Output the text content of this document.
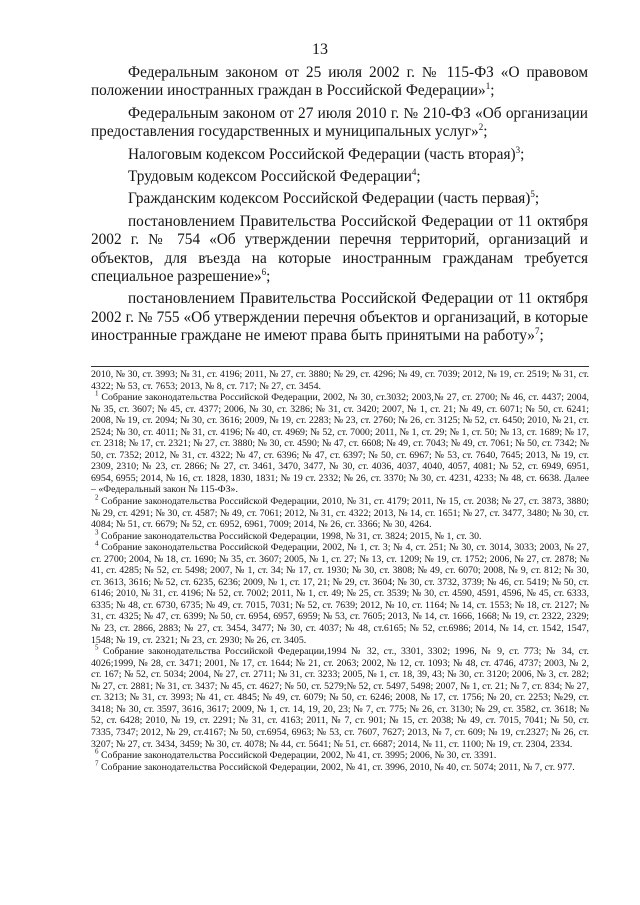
13

Федеральным законом от 25 июля 2002 г. № 115-ФЗ «О правовом положении иностранных граждан в Российской Федерации»$^1$;

Федеральным законом от 27 июля 2010 г. № 210-ФЗ «Об организации предоставления государственных и муниципальных услуг»$^2$;

Налоговым кодексом Российской Федерации (часть вторая)$^3$;

Трудовым кодексом Российской Федерации$^4$;

Гражданским кодексом Российской Федерации (часть первая)$^5$;

постановлением Правительства Российской Федерации от 11 октября 2002 г. № 754 «Об утверждении перечня территорий, организаций и объектов, для въезда на которые иностранным гражданам требуется специальное разрешение»$^6$;

постановлением Правительства Российской Федерации от 11 октября 2002 г. № 755 «Об утверждении перечня объектов и организаций, в которые иностранные граждане не имеют права быть принятыми на работу»$^7$;

2010, № 30, ст. 3993; № 31, ст. 4196; 2011, № 27, ст. 3880; № 29, ст. 4296; № 49, ст. 7039; 2012, № 19, ст. 2519; № 31, ст. 4322; № 53, ст. 7653; 2013, № 8, ст. 717; № 27, ст. 3454.

$^1$ Собрание законодательства Российской Федерации, 2002, № 30, ст.3032; 2003,№ 27, ст. 2700; № 46, ст. 4437; 2004, № 35, ст. 3607; № 45, ст. 4377; 2006, № 30, ст. 3286; № 31, ст. 3420; 2007, № 1, ст. 21; № 49, ст. 6071; № 50, ст. 6241; 2008, № 19, ст. 2094; № 30, ст. 3616; 2009, № 19, ст. 2283; № 23, ст. 2760; № 26, ст. 3125; № 52, ст. 6450; 2010, № 21, ст. 2524; № 30, ст. 4011; № 31, ст. 4196; № 40, ст. 4969; № 52, ст. 7000; 2011, № 1, ст. 29; № 1, ст. 50; № 13, ст. 1689; № 17, ст. 2318; № 17, ст. 2321; № 27, ст. 3880; № 30, ст. 4590; № 47, ст. 6608; № 49, ст. 7043; № 49, ст. 7061; № 50, ст. 7342; № 50, ст. 7352; 2012, № 31, ст. 4322; № 47, ст. 6396; № 47, ст. 6397; № 50, ст. 6967; № 53, ст. 7640, 7645; 2013, № 19, ст. 2309, 2310; № 23, ст. 2866; № 27, ст. 3461, 3470, 3477, № 30, ст. 4036, 4037, 4040, 4057, 4081; № 52, ст. 6949, 6951, 6954, 6955; 2014, № 16, ст. 1828, 1830, 1831; № 19 ст. 2332; № 26, ст. 3370; № 30, ст. 4231, 4233; № 48, ст. 6638. Далее – «Федеральный закон № 115-ФЗ».

$^2$ Собрание законодательства Российской Федерации, 2010, № 31, ст. 4179; 2011, № 15, ст. 2038; № 27, ст. 3873, 3880; № 29, ст. 4291; № 30, ст. 4587; № 49, ст. 7061; 2012, № 31, ст. 4322; 2013, № 14, ст. 1651; № 27, ст. 3477, 3480; № 30, ст. 4084; № 51, ст. 6679; № 52, ст. 6952, 6961, 7009; 2014, № 26, ст. 3366; № 30, 4264.

$^3$ Собрание законодательства Российской Федерации, 1998, № 31, ст. 3824; 2015, № 1, ст. 30.

$^4$ Собрание законодательства Российской Федерации, 2002, № 1, ст. 3; № 4, ст. 251; № 30, ст. 3014, 3033; 2003, № 27, ст. 2700; 2004, № 18, ст. 1690; № 35, ст. 3607; 2005, № 1, ст. 27; № 13, ст. 1209; № 19, ст. 1752; 2006, № 27, ст. 2878; № 41, ст. 4285; № 52, ст. 5498; 2007, № 1, ст. 34; № 17, ст. 1930; № 30, ст. 3808; № 49, ст. 6070; 2008, № 9, ст. 812; № 30, ст. 3613, 3616; № 52, ст. 6235, 6236; 2009, № 1, ст. 17, 21; № 29, ст. 3604; № 30, ст. 3732, 3739; № 46, ст. 5419; № 50, ст. 6146; 2010, № 31, ст. 4196; № 52, ст. 7002; 2011, № 1, ст. 49; № 25, ст. 3539; № 30, ст. 4590, 4591, 4596, № 45, ст. 6333, 6335; № 48, ст. 6730, 6735; № 49, ст. 7015, 7031; № 52, ст. 7639; 2012, № 10, ст. 1164; № 14, ст. 1553; № 18, ст. 2127; № 31, ст. 4325; № 47, ст. 6399; № 50, ст. 6954, 6957, 6959; № 53, ст. 7605; 2013, № 14, ст. 1666, 1668; № 19, ст. 2322, 2329; № 23, ст. 2866, 2883; № 27, ст. 3454, 3477; № 30, ст. 4037; № 48, ст.6165; № 52, ст.6986; 2014, № 14, ст. 1542, 1547, 1548; № 19, ст. 2321; № 23, ст. 2930; № 26, ст. 3405.

$^5$ Собрание законодательства Российской Федерации,1994 № 32, ст., 3301, 3302; 1996, № 9, ст. 773; № 34, ст. 4026;1999, № 28, ст. 3471; 2001, № 17, ст. 1644; № 21, ст. 2063; 2002, № 12, ст. 1093; № 48, ст. 4746, 4737; 2003, № 2, ст. 167; № 52, ст. 5034; 2004, № 27, ст. 2711; № 31, ст. 3233; 2005, № 1, ст. 18, 39, 43; № 30, ст. 3120; 2006, № 3, ст. 282; № 27, ст. 2881; № 31, ст. 3437; № 45, ст. 4627; № 50, ст. 5279;№ 52, ст. 5497, 5498; 2007, № 1, ст. 21; № 7, ст. 834; № 27, ст. 3213; № 31, ст. 3993; № 41, ст. 4845; № 49, ст. 6079; № 50, ст. 6246; 2008, № 17, ст. 1756; № 20, ст. 2253; №29, ст. 3418; № 30, ст. 3597, 3616, 3617; 2009, № 1, ст. 14, 19, 20, 23; № 7, ст. 775; № 26, ст. 3130; № 29, ст. 3582, ст. 3618; № 52, ст. 6428; 2010, № 19, ст. 2291; № 31, ст. 4163; 2011, № 7, ст. 901; № 15, ст. 2038; № 49, ст. 7015, 7041; № 50, ст. 7335, 7347; 2012, № 29, ст.4167; № 50, ст.6954, 6963; № 53, ст. 7607, 7627; 2013, № 7, ст. 609; № 19, ст.2327; № 26, ст. 3207; № 27, ст. 3434, 3459; № 30, ст. 4078; № 44, ст. 5641; № 51, ст. 6687; 2014, № 11, ст. 1100; № 19, ст. 2304, 2334.

$^6$ Собрание законодательства Российской Федерации, 2002, № 41, ст. 3995; 2006, № 30, ст. 3391.

$^7$ Собрание законодательства Российской Федерации, 2002, № 41, ст. 3996, 2010, № 40, ст. 5074; 2011, № 7, ст. 977.
